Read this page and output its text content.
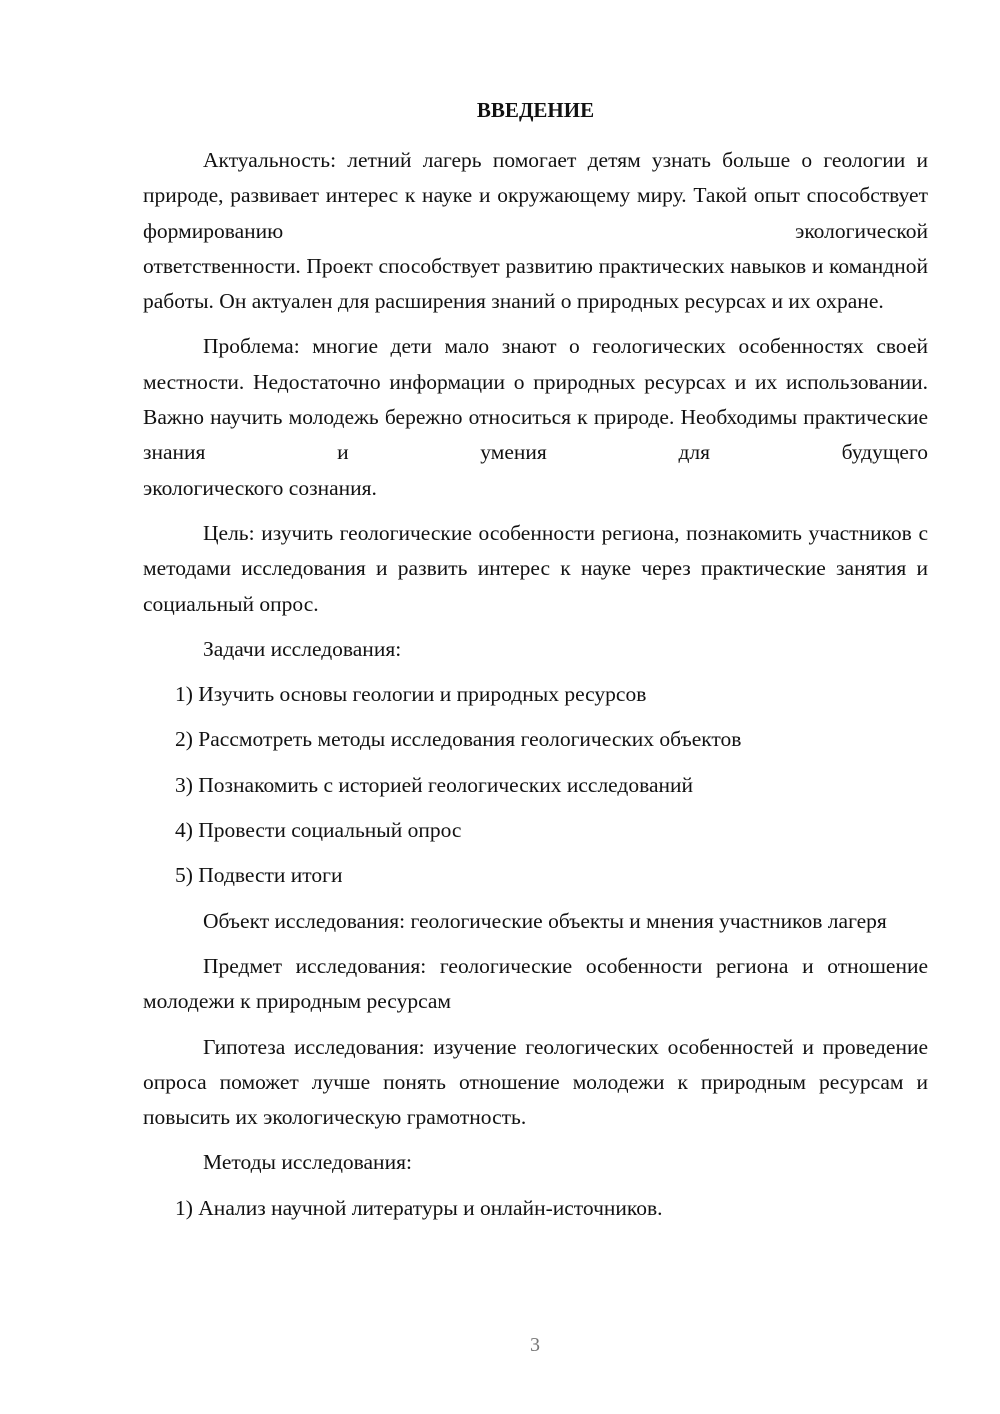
ВВЕДЕНИЕ

Актуальность: летний лагерь помогает детям узнать больше о геологии и природе, развивает интерес к науке и окружающему миру. Такой опыт способствует формированию экологической

ответственности. Проект способствует развитию практических навыков и командной работы. Он актуален для расширения знаний о природных ресурсах и их охране.

Проблема: многие дети мало знают о геологических особенностях своей местности. Недостаточно информации о природных ресурсах и их использовании. Важно научить молодежь бережно относиться к природе. Необходимы практические знания и умения для будущего

экологического сознания.

Цель: изучить геологические особенности региона, познакомить участников с методами исследования и развить интерес к науке через практические занятия и социальный опрос.

Задачи исследования:

1) Изучить основы геологии и природных ресурсов
2) Рассмотреть методы исследования геологических объектов
3) Познакомить с историей геологических исследований
4) Провести социальный опрос
5) Подвести итоги

Объект исследования: геологические объекты и мнения участников лагеря

Предмет исследования: геологические особенности региона и отношение молодежи к природным ресурсам

Гипотеза исследования: изучение геологических особенностей и проведение опроса поможет лучше понять отношение молодежи к природным ресурсам и повысить их экологическую грамотность.

Методы исследования:

1) Анализ научной литературы и онлайн-источников.
3
